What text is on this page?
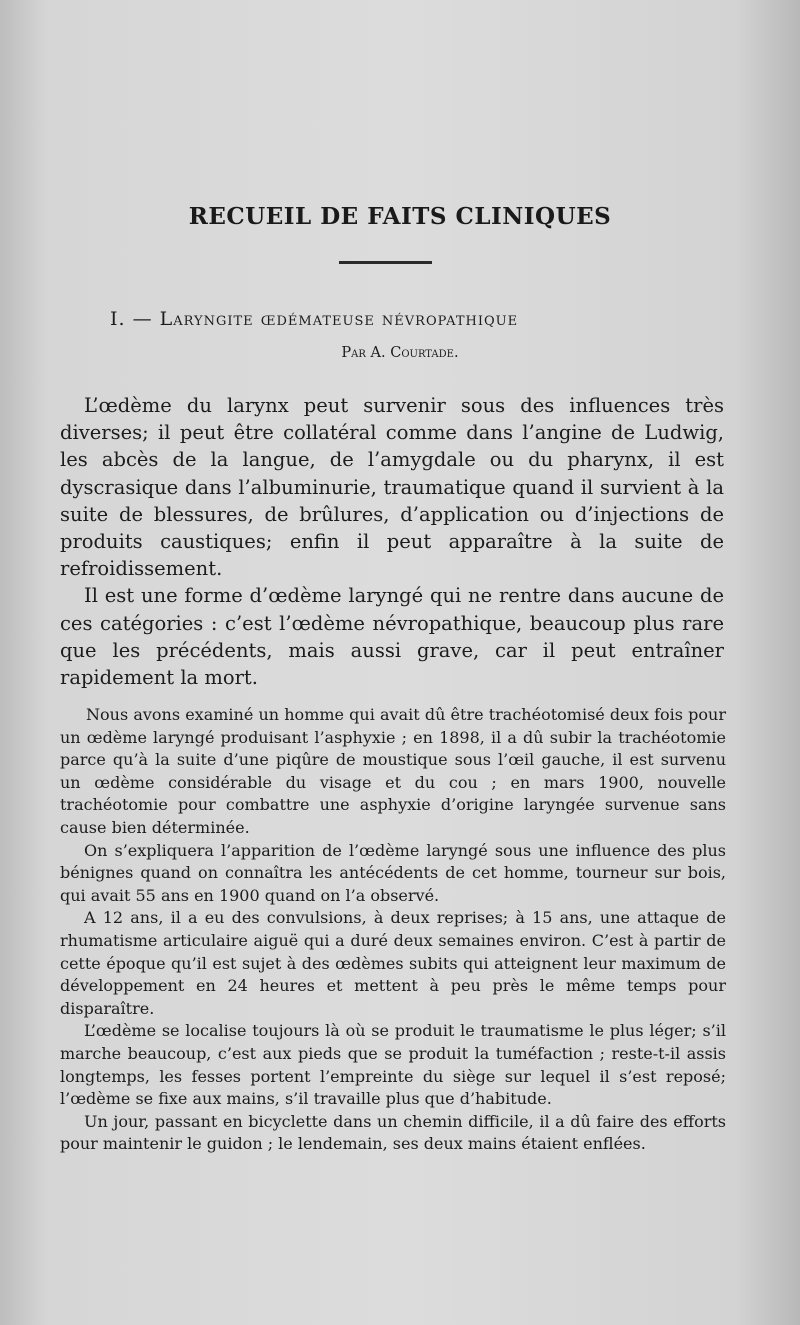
RECUEIL DE FAITS CLINIQUES
I. — Laryngite œdémateuse névropathique
Par A. Courtade.

L’œdème du larynx peut survenir sous des influences très diverses; il peut être collatéral comme dans l’angine de Ludwig, les abcès de la langue, de l’amygdale ou du pharynx, il est dyscrasique dans l’albuminurie, traumatique quand il survient à la suite de blessures, de brûlures, d’application ou d’injections de produits caustiques; enfin il peut apparaître à la suite de refroidissement.

Il est une forme d’œdème laryngé qui ne rentre dans aucune de ces catégories : c’est l’œdème névropathique, beaucoup plus rare que les précédents, mais aussi grave, car il peut entraîner rapidement la mort.

Nous avons examiné un homme qui avait dû être trachéotomisé deux fois pour un œdème laryngé produisant l’asphyxie ; en 1898, il a dû subir la trachéotomie parce qu’à la suite d’une piqûre de moustique sous l’œil gauche, il est survenu un œdème considérable du visage et du cou ; en mars 1900, nouvelle trachéotomie pour combattre une asphyxie d’origine laryngée survenue sans cause bien déterminée.

On s’expliquera l’apparition de l’œdème laryngé sous une influence des plus bénignes quand on connaîtra les antécédents de cet homme, tourneur sur bois, qui avait 55 ans en 1900 quand on l’a observé.

A 12 ans, il a eu des convulsions, à deux reprises; à 15 ans, une attaque de rhumatisme articulaire aiguë qui a duré deux semaines environ. C’est à partir de cette époque qu’il est sujet à des œdèmes subits qui atteignent leur maximum de développement en 24 heures et mettent à peu près le même temps pour disparaître.

L’œdème se localise toujours là où se produit le traumatisme le plus léger; s’il marche beaucoup, c’est aux pieds que se produit la tuméfaction ; reste-t-il assis longtemps, les fesses portent l’empreinte du siège sur lequel il s’est reposé; l’œdème se fixe aux mains, s’il travaille plus que d’habitude.

Un jour, passant en bicyclette dans un chemin difficile, il a dû faire des efforts pour maintenir le guidon ; le lendemain, ses deux mains étaient enflées.
